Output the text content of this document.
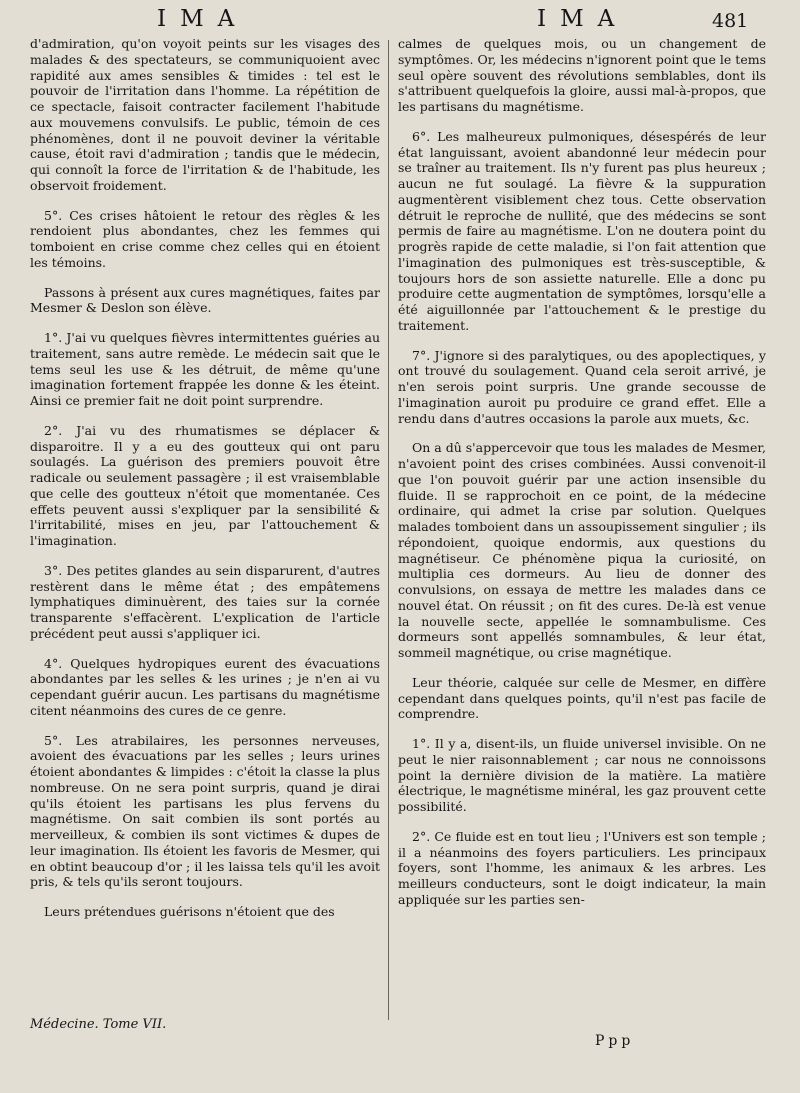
IMA	IMA	481

d'admiration, qu'on voyoit peints sur les visages des malades & des spectateurs, se communiquoient avec rapidité aux ames sensibles & timides : tel est le pouvoir de l'irritation dans l'homme. La répétition de ce spectacle, faisoit contracter facilement l'habitude aux mouvemens convulsifs. Le public, témoin de ces phénomènes, dont il ne pouvoit deviner la véritable cause, étoit ravi d'admiration ; tandis que le médecin, qui connoît la force de l'irritation & de l'habitude, les observoit froidement.

5°. Ces crises hâtoient le retour des règles & les rendoient plus abondantes, chez les femmes qui tomboient en crise comme chez celles qui en étoient les témoins.

Passons à présent aux cures magnétiques, faites par Mesmer & Deslon son élève.

1°. J'ai vu quelques fièvres intermittentes guéries au traitement, sans autre remède. Le médecin sait que le tems seul les use & les détruit, de même qu'une imagination fortement frappée les donne & les éteint. Ainsi ce premier fait ne doit point surprendre.

2°. J'ai vu des rhumatismes se déplacer & disparoitre. Il y a eu des goutteux qui ont paru soulagés. La guérison des premiers pouvoit être radicale ou seulement passagère ; il est vraisemblable que celle des goutteux n'étoit que momentanée. Ces effets peuvent aussi s'expliquer par la sensibilité & l'irritabilité, mises en jeu, par l'attouchement & l'imagination.

3°. Des petites glandes au sein disparurent, d'autres restèrent dans le même état ; des empâtemens lymphatiques diminuèrent, des taies sur la cornée transparente s'effacèrent. L'explication de l'article précédent peut aussi s'appliquer ici.

4°. Quelques hydropiques eurent des évacuations abondantes par les selles & les urines ; je n'en ai vu cependant guérir aucun. Les partisans du magnétisme citent néanmoins des cures de ce genre.

5°. Les atrabilaires, les personnes nerveuses, avoient des évacuations par les selles ; leurs urines étoient abondantes & limpides : c'étoit la classe la plus nombreuse. On ne sera point surpris, quand je dirai qu'ils étoient les partisans les plus fervens du magnétisme. On sait combien ils sont portés au merveilleux, & combien ils sont victimes & dupes de leur imagination. Ils étoient les favoris de Mesmer, qui en obtint beaucoup d'or ; il les laissa tels qu'il les avoit pris, & tels qu'ils seront toujours.

Leurs prétendues guérisons n'étoient que des

calmes de quelques mois, ou un changement de symptômes. Or, les médecins n'ignorent point que le tems seul opère souvent des révolutions semblables, dont ils s'attribuent quelquefois la gloire, aussi mal-à-propos, que les partisans du magnétisme.

6°. Les malheureux pulmoniques, désespérés de leur état languissant, avoient abandonné leur médecin pour se traîner au traitement. Ils n'y furent pas plus heureux ; aucun ne fut soulagé. La fièvre & la suppuration augmentèrent visiblement chez tous. Cette observation détruit le reproche de nullité, que des médecins se sont permis de faire au magnétisme. L'on ne doutera point du progrès rapide de cette maladie, si l'on fait attention que l'imagination des pulmoniques est très-susceptible, & toujours hors de son assiette naturelle. Elle a donc pu produire cette augmentation de symptômes, lorsqu'elle a été aiguillonnée par l'attouchement & le prestige du traitement.

7°. J'ignore si des paralytiques, ou des apoplectiques, y ont trouvé du soulagement. Quand cela seroit arrivé, je n'en serois point surpris. Une grande secousse de l'imagination auroit pu produire ce grand effet. Elle a rendu dans d'autres occasions la parole aux muets, &c.

On a dû s'appercevoir que tous les malades de Mesmer, n'avoient point des crises combinées. Aussi convenoit-il que l'on pouvoit guérir par une action insensible du fluide. Il se rapprochoit en ce point, de la médecine ordinaire, qui admet la crise par solution. Quelques malades tomboient dans un assoupissement singulier ; ils répondoient, quoique endormis, aux questions du magnétiseur. Ce phénomène piqua la curiosité, on multiplia ces dormeurs. Au lieu de donner des convulsions, on essaya de mettre les malades dans ce nouvel état. On réussit ; on fit des cures. De-là est venue la nouvelle secte, appellée le somnambulisme. Ces dormeurs sont appellés somnambules, & leur état, sommeil magnétique, ou crise magnétique.

Leur théorie, calquée sur celle de Mesmer, en diffère cependant dans quelques points, qu'il n'est pas facile de comprendre.

1°. Il y a, disent-ils, un fluide universel invisible. On ne peut le nier raisonnablement ; car nous ne connoissons point la dernière division de la matière. La matière électrique, le magnétisme minéral, les gaz prouvent cette possibilité.

2°. Ce fluide est en tout lieu ; l'Univers est son temple ; il a néanmoins des foyers particuliers. Les principaux foyers, sont l'homme, les animaux & les arbres. Les meilleurs conducteurs, sont le doigt indicateur, la main appliquée sur les parties sen-

Médecine. Tome VII.
Ppp
